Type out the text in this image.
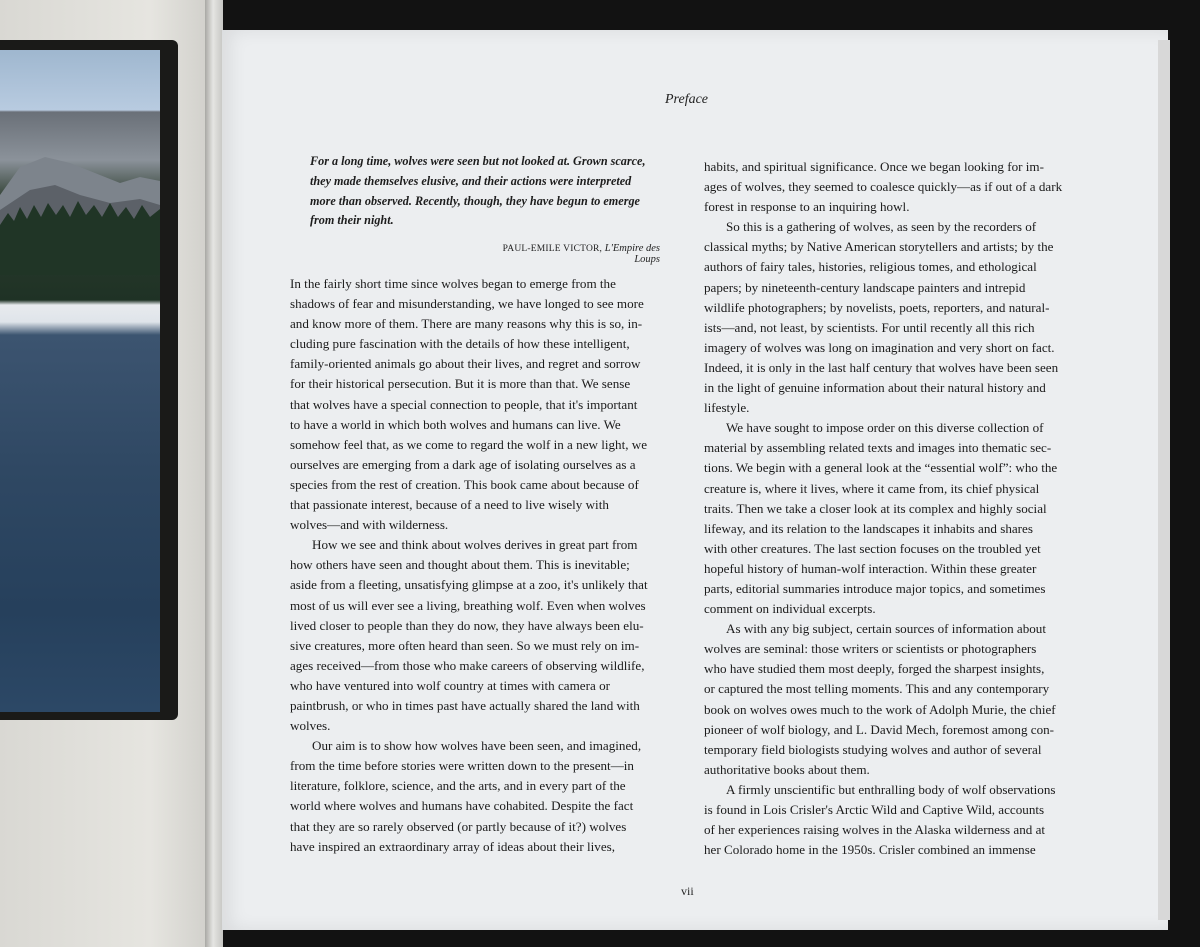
Preface
For a long time, wolves were seen but not looked at. Grown scarce,
they made themselves elusive, and their actions were interpreted
more than observed. Recently, though, they have begun to emerge
from their night.
PAUL-EMILE VICTOR, L'Empire des Loups
In the fairly short time since wolves began to emerge from the
shadows of fear and misunderstanding, we have longed to see more
and know more of them. There are many reasons why this is so, in-
cluding pure fascination with the details of how these intelligent,
family-oriented animals go about their lives, and regret and sorrow
for their historical persecution. But it is more than that. We sense
that wolves have a special connection to people, that it's important
to have a world in which both wolves and humans can live. We
somehow feel that, as we come to regard the wolf in a new light, we
ourselves are emerging from a dark age of isolating ourselves as a
species from the rest of creation. This book came about because of
that passionate interest, because of a need to live wisely with
wolves—and with wilderness.
How we see and think about wolves derives in great part from
how others have seen and thought about them. This is inevitable;
aside from a fleeting, unsatisfying glimpse at a zoo, it's unlikely that
most of us will ever see a living, breathing wolf. Even when wolves
lived closer to people than they do now, they have always been elu-
sive creatures, more often heard than seen. So we must rely on im-
ages received—from those who make careers of observing wildlife,
who have ventured into wolf country at times with camera or
paintbrush, or who in times past have actually shared the land with
wolves.
Our aim is to show how wolves have been seen, and imagined,
from the time before stories were written down to the present—in
literature, folklore, science, and the arts, and in every part of the
world where wolves and humans have cohabited. Despite the fact
that they are so rarely observed (or partly because of it?) wolves
have inspired an extraordinary array of ideas about their lives,
habits, and spiritual significance. Once we began looking for im-
ages of wolves, they seemed to coalesce quickly—as if out of a dark
forest in response to an inquiring howl.
So this is a gathering of wolves, as seen by the recorders of
classical myths; by Native American storytellers and artists; by the
authors of fairy tales, histories, religious tomes, and ethological
papers; by nineteenth-century landscape painters and intrepid
wildlife photographers; by novelists, poets, reporters, and natural-
ists—and, not least, by scientists. For until recently all this rich
imagery of wolves was long on imagination and very short on fact.
Indeed, it is only in the last half century that wolves have been seen
in the light of genuine information about their natural history and
lifestyle.
We have sought to impose order on this diverse collection of
material by assembling related texts and images into thematic sec-
tions. We begin with a general look at the “essential wolf”: who the
creature is, where it lives, where it came from, its chief physical
traits. Then we take a closer look at its complex and highly social
lifeway, and its relation to the landscapes it inhabits and shares
with other creatures. The last section focuses on the troubled yet
hopeful history of human-wolf interaction. Within these greater
parts, editorial summaries introduce major topics, and sometimes
comment on individual excerpts.
As with any big subject, certain sources of information about
wolves are seminal: those writers or scientists or photographers
who have studied them most deeply, forged the sharpest insights,
or captured the most telling moments. This and any contemporary
book on wolves owes much to the work of Adolph Murie, the chief
pioneer of wolf biology, and L. David Mech, foremost among con-
temporary field biologists studying wolves and author of several
authoritative books about them.
A firmly unscientific but enthralling body of wolf observations
is found in Lois Crisler's Arctic Wild and Captive Wild, accounts
of her experiences raising wolves in the Alaska wilderness and at
her Colorado home in the 1950s. Crisler combined an immense
vii
